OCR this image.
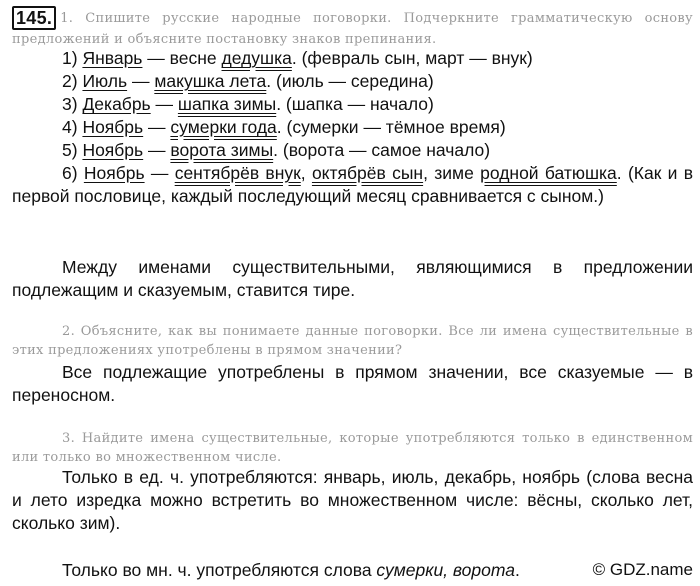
145. 1. Спишите русские народные поговорки. Подчеркните грамматическую основу предложений и объясните постановку знаков препинания.
1) Январь — весне дедушка. (февраль сын, март — внук)
2) Июль — макушка лета. (июль — середина)
3) Декабрь — шапка зимы. (шапка — начало)
4) Ноябрь — сумерки года. (сумерки — тёмное время)
5) Ноябрь — ворота зимы. (ворота — самое начало)
6) Ноябрь — сентябрёв внук, октябрёв сын, зиме родной батюшка. (Как и в первой пословице, каждый последующий месяц сравнивается с сыном.)
Между именами существительными, являющимися в предложении подлежащим и сказуемым, ставится тире.
2. Объясните, как вы понимаете данные поговорки. Все ли имена существительные в этих предложениях употреблены в прямом значении?
Все подлежащие употреблены в прямом значении, все сказуемые — в переносном.
3. Найдите имена существительные, которые употребляются только в единственном или только во множественном числе.
Только в ед. ч. употребляются: январь, июль, декабрь, ноябрь (слова весна и лето изредка можно встретить во множественном числе: вёсны, сколько лет, сколько зим).
Только во мн. ч. употребляются слова сумерки, ворота.	© GDZ.name
